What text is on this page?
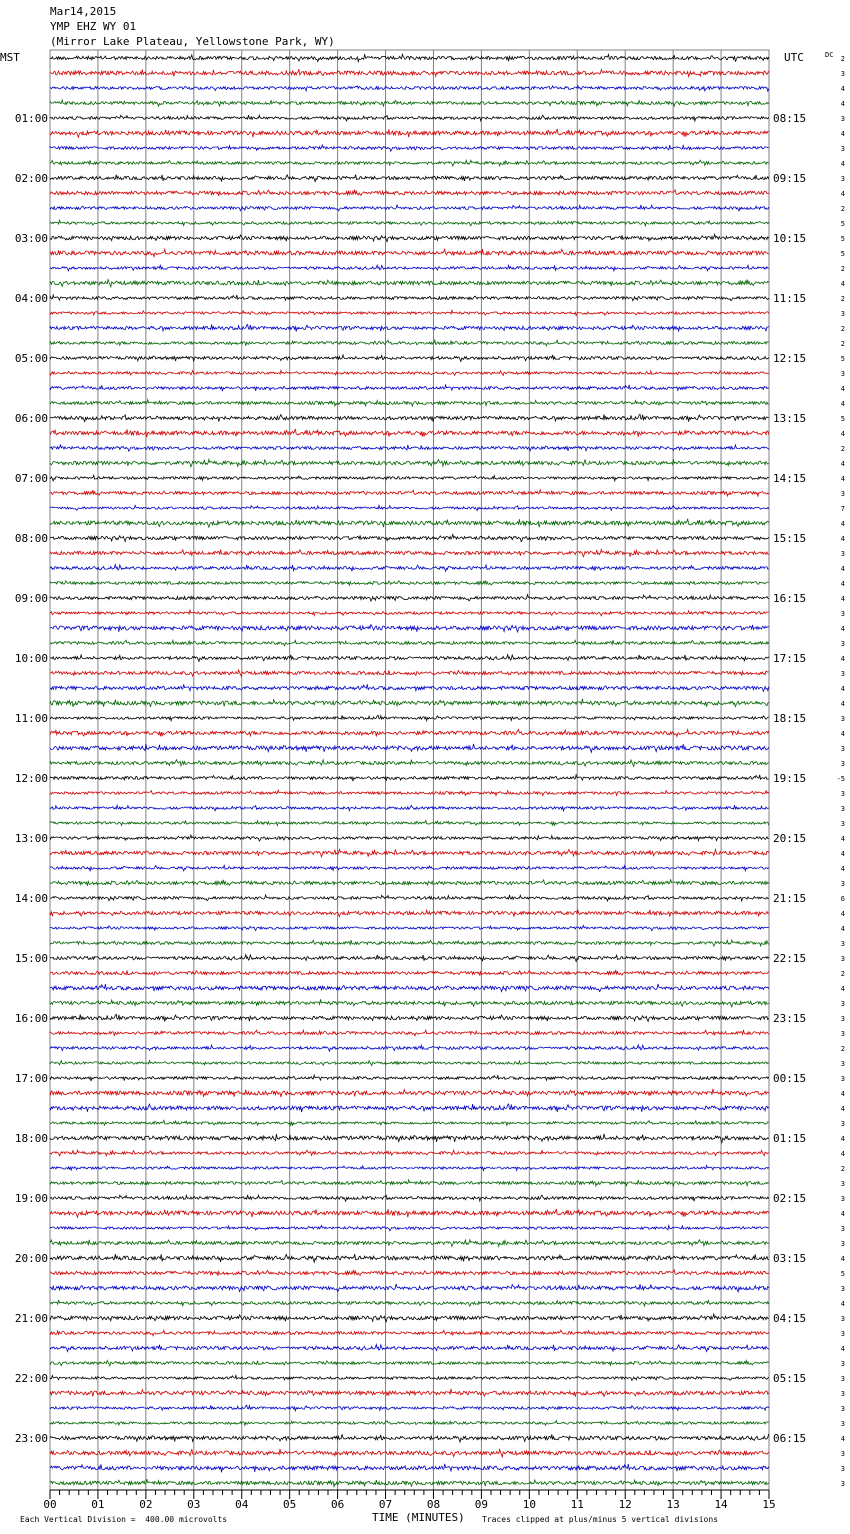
Mar14,2015
YMP EHZ WY 01
(Mirror Lake Plateau, Yellowstone Park, WY)
MST	UTC	DC
00	01	02	03	04	05	06	07	08	09	10	11	12	13	14	15
2
3
4
4
01:00	08:15	3
4
3
4
02:00	09:15	3
4
2
5
03:00	10:15	5
5
2
4
04:00	11:15	2
3
2
2
05:00	12:15	5
3
4
4
06:00	13:15	5
4
2
4
07:00	14:15	4
3
7
4
08:00	15:15	4
3
4
4
09:00	16:15	4
3
4
3
10:00	17:15	4
3
4
4
11:00	18:15	3
4
3
3
12:00	19:15	-5
3
3
3
13:00	20:15	4
4
4
3
14:00	21:15	6
4
4
3
15:00	22:15	3
2
4
3
16:00	23:15	3
3
2
3
17:00	00:15	3
4
4
3
18:00	01:15	4
4
2
3
19:00	02:15	3
4
3
3
20:00	03:15	4
5
3
4
21:00	04:15	3
3
4
3
22:00	05:15	3
3
3
3
23:00	06:15	4
3
3
3
Each Vertical Division =  400.00 microvolts	TIME (MINUTES) Traces clipped at plus/minus 5 vertical divisions
